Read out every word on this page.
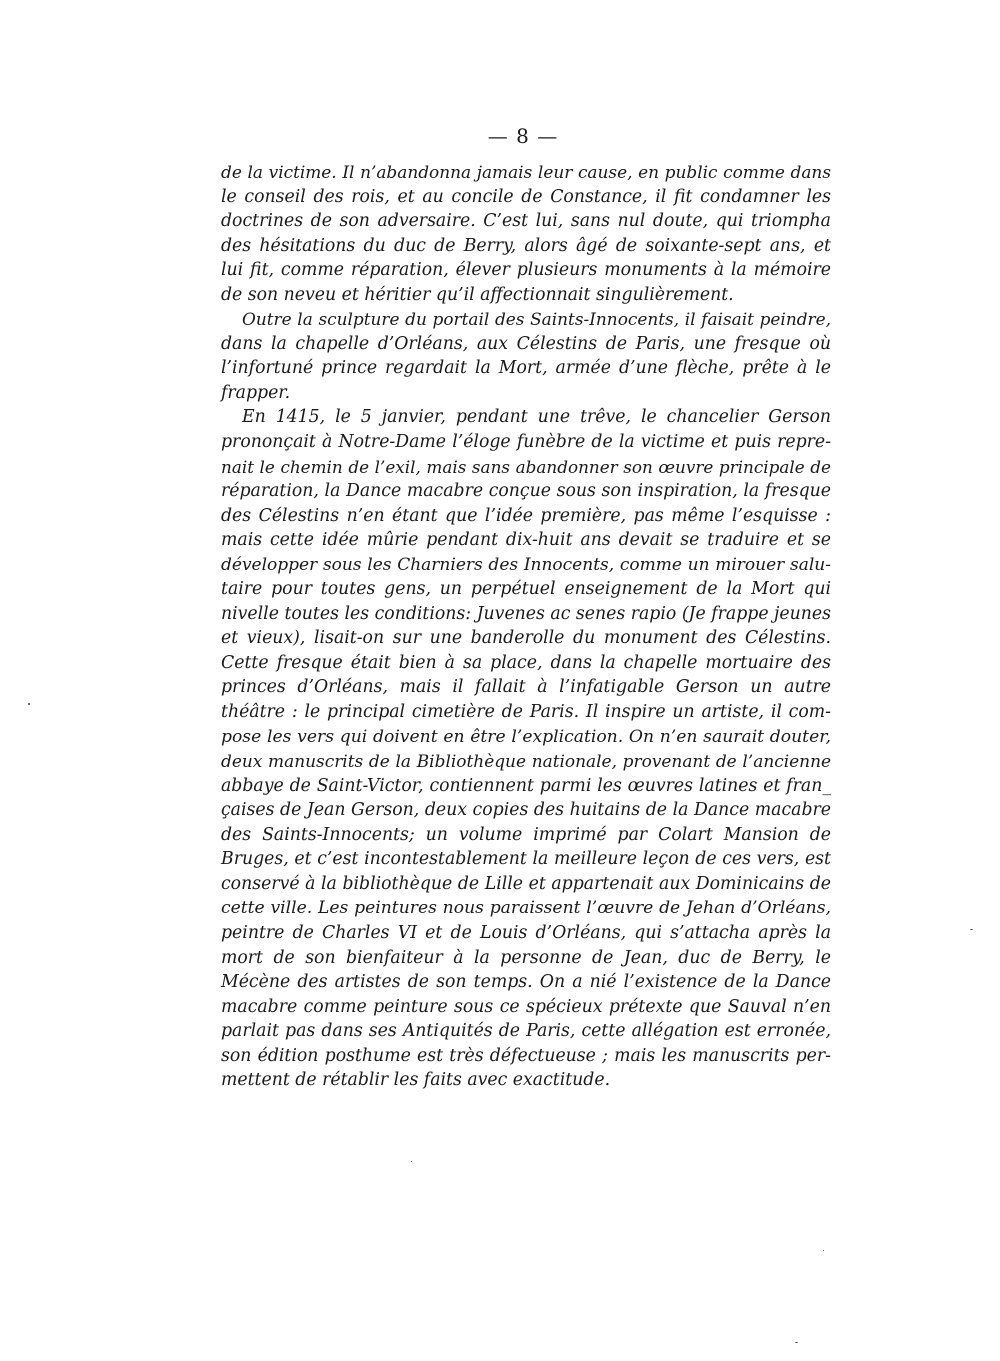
— 8 —
de la victime. Il n’abandonna jamais leur cause, en public comme dans
le conseil des rois, et au concile de Constance, il fit condamner les
doctrines de son adversaire. C’est lui, sans nul doute, qui triompha
des hésitations du duc de Berry, alors âgé de soixante-sept ans, et
lui fit, comme réparation, élever plusieurs monuments à la mémoire
de son neveu et héritier qu’il affectionnait singulièrement.
Outre la sculpture du portail des Saints-Innocents, il faisait peindre,
dans la chapelle d’Orléans, aux Célestins de Paris, une fresque où
l’infortuné prince regardait la Mort, armée d’une flèche, prête à le
frapper.
En 1415, le 5 janvier, pendant une trêve, le chancelier Gerson
prononçait à Notre-Dame l’éloge funèbre de la victime et puis repre-
nait le chemin de l’exil, mais sans abandonner son œuvre principale de
réparation, la Dance macabre conçue sous son inspiration, la fresque
des Célestins n’en étant que l’idée première, pas même l’esquisse :
mais cette idée mûrie pendant dix-huit ans devait se traduire et se
développer sous les Charniers des Innocents, comme un mirouer salu-
taire pour toutes gens, un perpétuel enseignement de la Mort qui
nivelle toutes les conditions: Juvenes ac senes rapio (Je frappe jeunes
et vieux), lisait-on sur une banderolle du monument des Célestins.
Cette fresque était bien à sa place, dans la chapelle mortuaire des
princes d’Orléans, mais il fallait à l’infatigable Gerson un autre
théâtre : le principal cimetière de Paris. Il inspire un artiste, il com-
pose les vers qui doivent en être l’explication. On n’en saurait douter,
deux manuscrits de la Bibliothèque nationale, provenant de l’ancienne
abbaye de Saint-Victor, contiennent parmi les œuvres latines et fran_
çaises de Jean Gerson, deux copies des huitains de la Dance macabre
des Saints-Innocents; un volume imprimé par Colart Mansion de
Bruges, et c’est incontestablement la meilleure leçon de ces vers, est
conservé à la bibliothèque de Lille et appartenait aux Dominicains de
cette ville. Les peintures nous paraissent l’œuvre de Jehan d’Orléans,
peintre de Charles VI et de Louis d’Orléans, qui s’attacha après la
mort de son bienfaiteur à la personne de Jean, duc de Berry, le
Mécène des artistes de son temps. On a nié l’existence de la Dance
macabre comme peinture sous ce spécieux prétexte que Sauval n’en
parlait pas dans ses Antiquités de Paris, cette allégation est erronée,
son édition posthume est très défectueuse ; mais les manuscrits per-
mettent de rétablir les faits avec exactitude.
